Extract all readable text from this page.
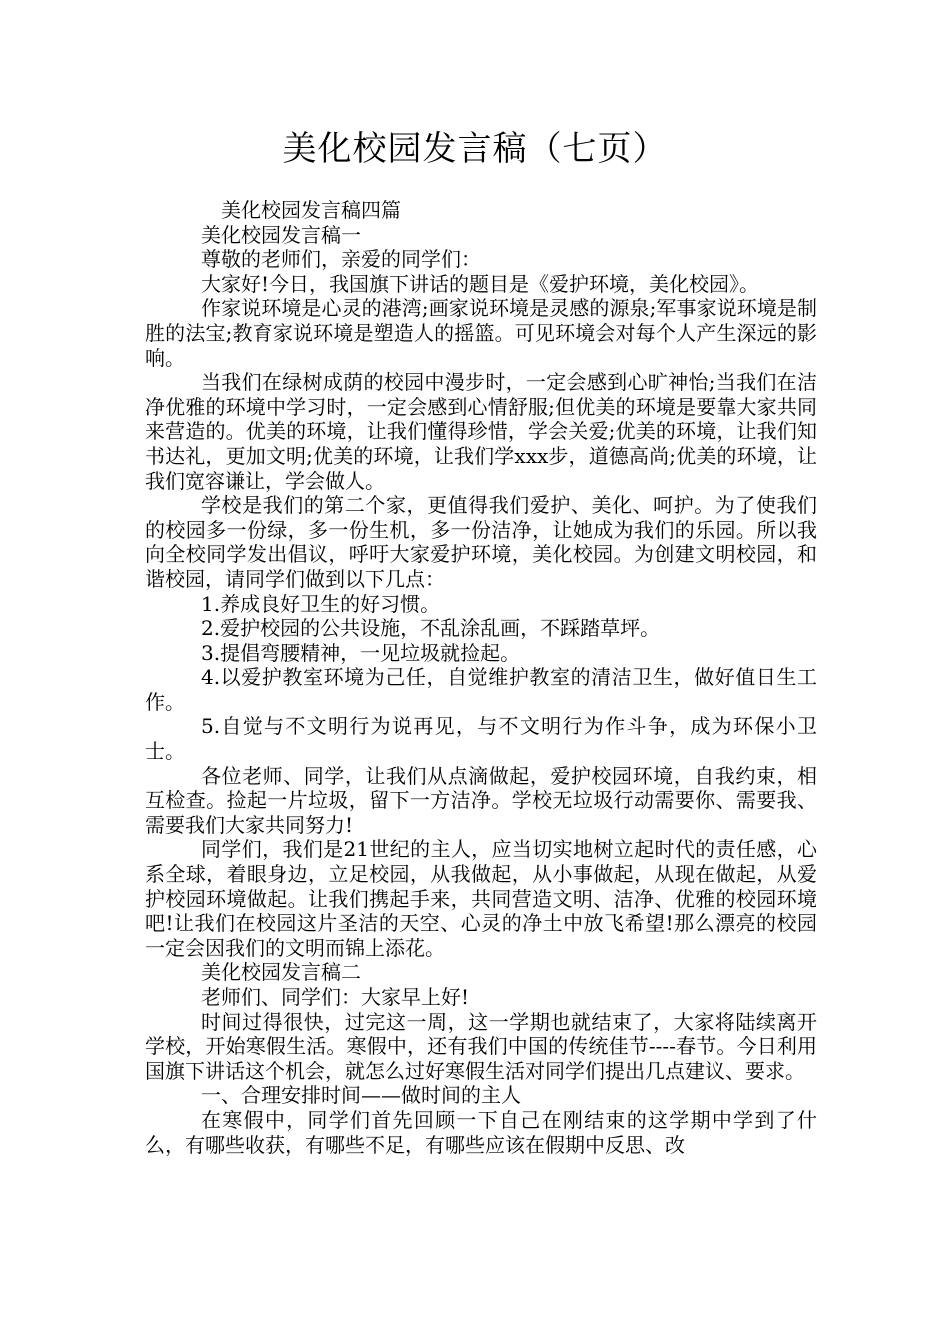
美化校园发言稿（七页）

美化校园发言稿四篇

美化校园发言稿一

尊敬的老师们，亲爱的同学们：

大家好!今日，我国旗下讲话的题目是《爱护环境，美化校园》。

作家说环境是心灵的港湾;画家说环境是灵感的源泉;军事家说环境是制胜的法宝;教育家说环境是塑造人的摇篮。可见环境会对每个人产生深远的影响。

当我们在绿树成荫的校园中漫步时，一定会感到心旷神怡;当我们在洁净优雅的环境中学习时，一定会感到心情舒服;但优美的环境是要靠大家共同来营造的。优美的环境，让我们懂得珍惜，学会关爱;优美的环境，让我们知书达礼，更加文明;优美的环境，让我们学xxx步，道德高尚;优美的环境，让我们宽容谦让，学会做人。

学校是我们的第二个家，更值得我们爱护、美化、呵护。为了使我们的校园多一份绿，多一份生机，多一份洁净，让她成为我们的乐园。所以我向全校同学发出倡议，呼吁大家爱护环境，美化校园。为创建文明校园，和谐校园，请同学们做到以下几点：

1.养成良好卫生的好习惯。

2.爱护校园的公共设施，不乱涂乱画，不踩踏草坪。

3.提倡弯腰精神，一见垃圾就捡起。

4.以爱护教室环境为己任，自觉维护教室的清洁卫生，做好值日生工作。

5.自觉与不文明行为说再见，与不文明行为作斗争，成为环保小卫士。

各位老师、同学，让我们从点滴做起，爱护校园环境，自我约束，相互检查。捡起一片垃圾，留下一方洁净。学校无垃圾行动需要你、需要我、需要我们大家共同努力!

同学们，我们是21世纪的主人，应当切实地树立起时代的责任感，心系全球，着眼身边，立足校园，从我做起，从小事做起，从现在做起，从爱护校园环境做起。让我们携起手来，共同营造文明、洁净、优雅的校园环境吧!让我们在校园这片圣洁的天空、心灵的净土中放飞希望!那么漂亮的校园一定会因我们的文明而锦上添花。

美化校园发言稿二

老师们、同学们：大家早上好!

时间过得很快，过完这一周，这一学期也就结束了，大家将陆续离开学校，开始寒假生活。寒假中，还有我们中国的传统佳节----春节。今日利用国旗下讲话这个机会，就怎么过好寒假生活对同学们提出几点建议、要求。

一、合理安排时间——做时间的主人

在寒假中，同学们首先回顾一下自己在刚结束的这学期中学到了什么，有哪些收获，有哪些不足，有哪些应该在假期中反思、改
